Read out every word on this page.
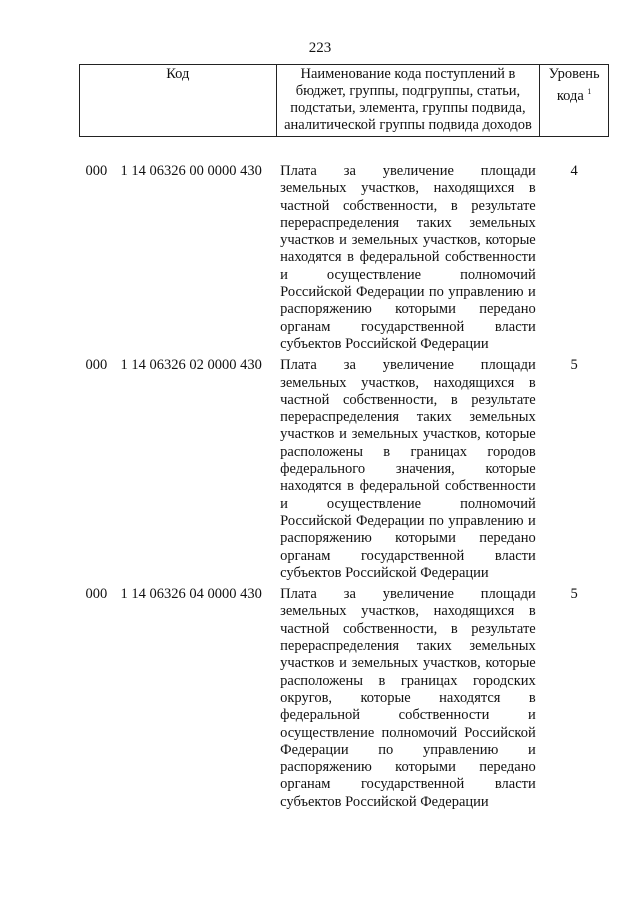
223
Код	Наименование кода поступлений в бюджет, группы, подгруппы, статьи, подстатьи, элемента, группы подвида, аналитической группы подвида доходов	Уровень кода $^1$

000 1 14 06326 00 0000 430	Плата за увеличение площади земельных участков, находящихся в частной собственности, в результате перераспределения таких земельных участков и земельных участков, которые находятся в федеральной собственности и осуществление полномочий Российской Федерации по управлению и распоряжению которыми передано органам государственной власти субъектов Российской Федерации	4
000 1 14 06326 02 0000 430	Плата за увеличение площади земельных участков, находящихся в частной собственности, в результате перераспределения таких земельных участков и земельных участков, которые расположены в границах городов федерального значения, которые находятся в федеральной собственности и осуществление полномочий Российской Федерации по управлению и распоряжению которыми передано органам государственной власти субъектов Российской Федерации	5
000 1 14 06326 04 0000 430	Плата за увеличение площади земельных участков, находящихся в частной собственности, в результате перераспределения таких земельных участков и земельных участков, которые расположены в границах городских округов, которые находятся в федеральной собственности и осуществление полномочий Российской Федерации по управлению и распоряжению которыми передано органам государственной власти субъектов Российской Федерации	5
